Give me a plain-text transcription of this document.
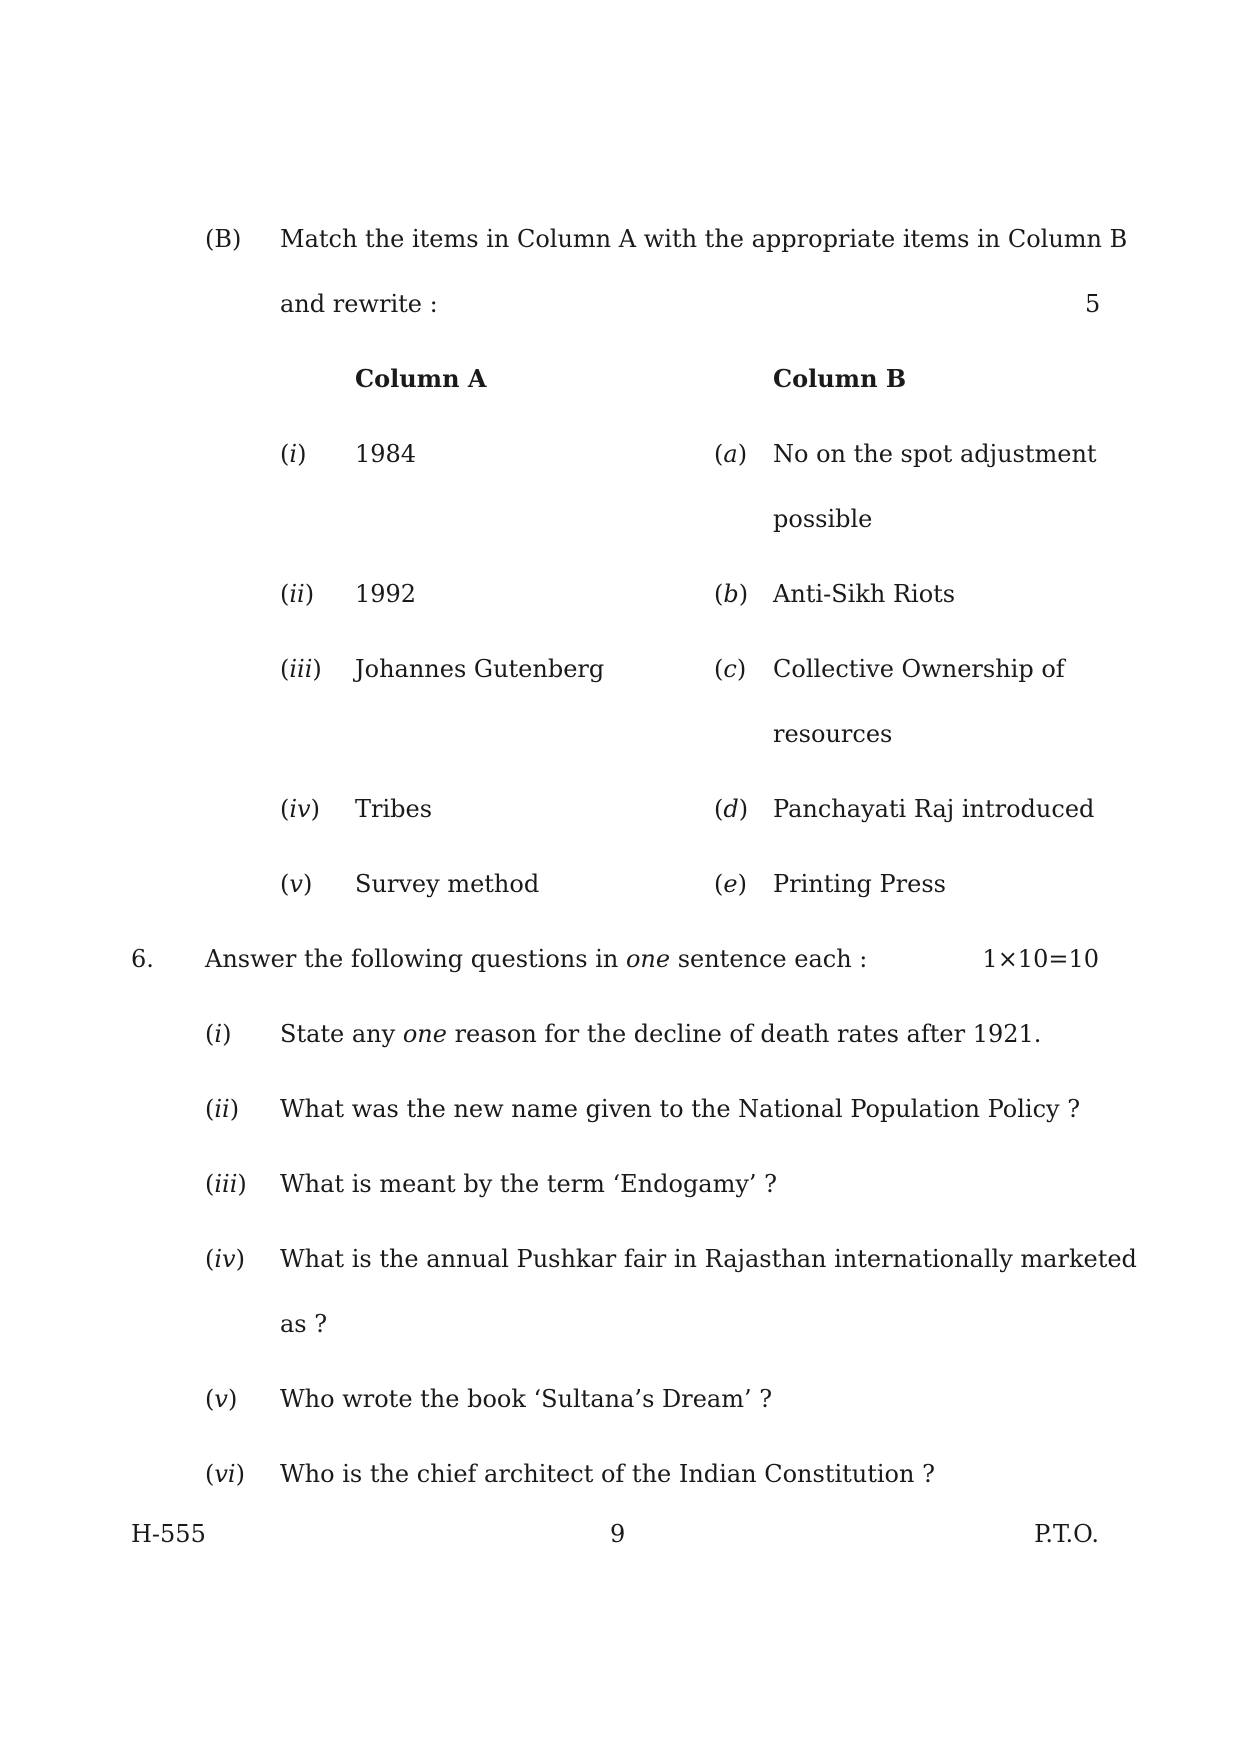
(B) Match the items in Column A with the appropriate items in Column B
and rewrite :	5
Column A	Column B
(i) 1984	(a) No on the spot adjustment
possible
(ii) 1992	(b) Anti-Sikh Riots
(iii) Johannes Gutenberg	(c) Collective Ownership of
resources
(iv) Tribes	(d) Panchayati Raj introduced
(v) Survey method	(e) Printing Press
6. Answer the following questions in one sentence each :	1×10=10
(i) State any one reason for the decline of death rates after 1921.
(ii) What was the new name given to the National Population Policy ?
(iii) What is meant by the term ‘Endogamy’ ?
(iv) What is the annual Pushkar fair in Rajasthan internationally marketed
as ?
(v) Who wrote the book ‘Sultana’s Dream’ ?
(vi) Who is the chief architect of the Indian Constitution ?
H-555	9	P.T.O.
